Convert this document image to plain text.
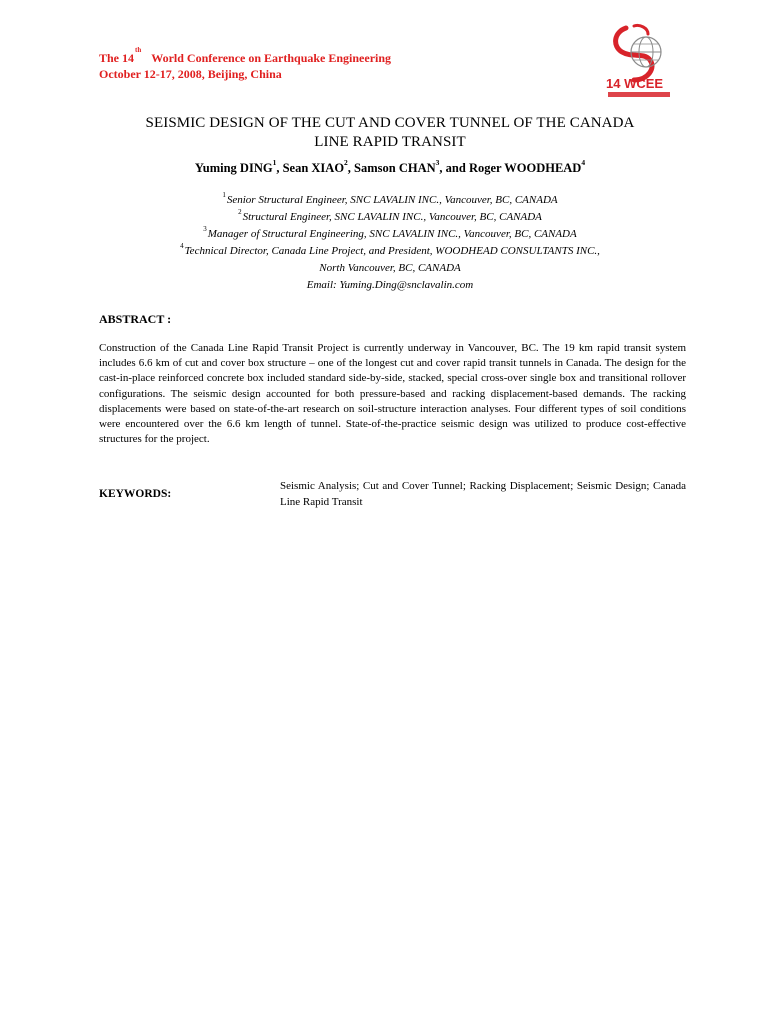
The 14thWorld Conference on Earthquake Engineering
October 12-17, 2008, Beijing, China
14 WCEE
SEISMIC DESIGN OF THE CUT AND COVER TUNNEL OF THE CANADA
LINE RAPID TRANSIT
Yuming DING$^1$, Sean XIAO$^2$, Samson CHAN$^3$, and Roger WOODHEAD$^4$
$^1$Senior Structural Engineer, SNC LAVALIN INC., Vancouver, BC, CANADA
$^2$Structural Engineer, SNC LAVALIN INC., Vancouver, BC, CANADA
$^3$Manager of Structural Engineering, SNC LAVALIN INC., Vancouver, BC, CANADA
$^4$Technical Director, Canada Line Project, and President, WOODHEAD CONSULTANTS INC.,
North Vancouver, BC, CANADA
Email: Yuming.Ding@snclavalin.com
ABSTRACT :
Construction of the Canada Line Rapid Transit Project is currently underway in Vancouver, BC. The 19 km rapid transit system includes 6.6 km of cut and cover box structure – one of the longest cut and cover rapid transit tunnels in Canada. The design for the cast-in-place reinforced concrete box included standard side-by-side, stacked, special cross-over single box and transitional rollover configurations. The seismic design accounted for both pressure-based and racking displacement-based demands. The racking displacements were based on state-of-the-art research on soil-structure interaction analyses. Four different types of soil conditions were encountered over the 6.6 km length of tunnel. State-of-the-practice seismic design was utilized to produce cost-effective structures for the project.
KEYWORDS:
Seismic Analysis; Cut and Cover Tunnel; Racking Displacement; Seismic Design; Canada Line Rapid Transit
